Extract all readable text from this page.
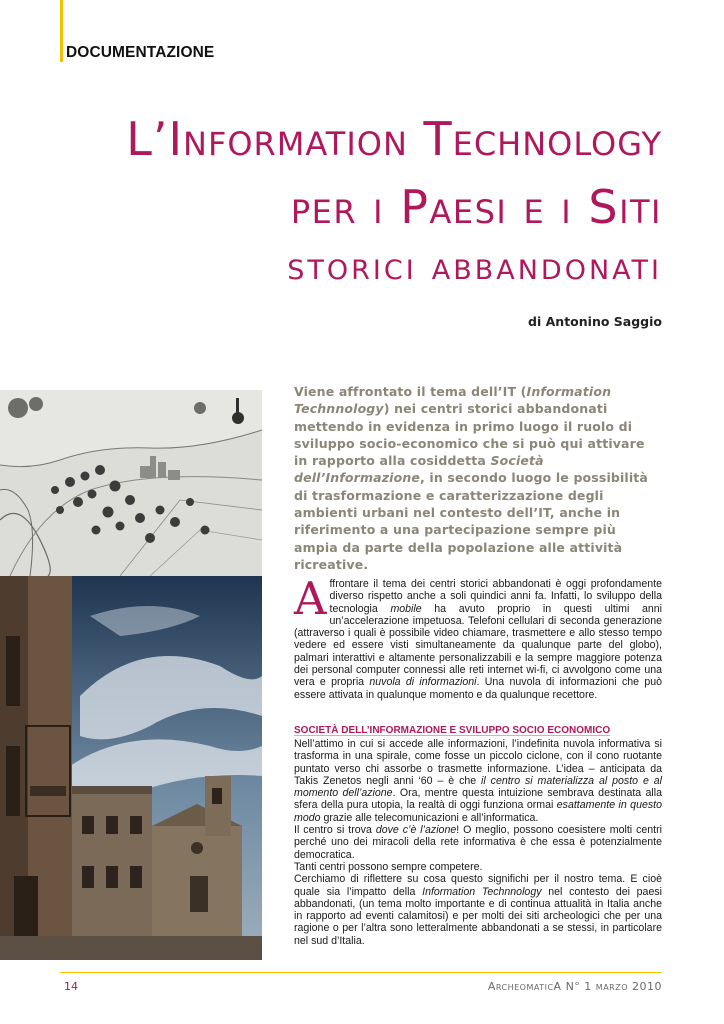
DOCUMENTAZIONE
L’Information Technology
per i Paesi e i Siti
storici abbandonati
di Antonino Saggio
Viene affrontato il tema dell’IT (Information Technnology) nei centri storici abbandonati mettendo in evidenza in primo luogo il ruolo di sviluppo socio-economico che si può qui attivare in rapporto alla cosiddetta Società dell’Informazione, in secondo luogo le possibilità di trasformazione e caratterizzazione degli ambienti urbani nel contesto dell’IT, anche in riferimento a una partecipazione sempre più ampia da parte della popolazione alle attività ricreative.

Affrontare il tema dei centri storici abbandonati è oggi profondamente diverso rispetto anche a soli quindici anni fa. Infatti, lo sviluppo della tecnologia mobile ha avuto proprio in questi ultimi anni un’accelerazione impetuosa. Telefoni cellulari di seconda generazione (attraverso i quali è possibile video chiamare, trasmettere e allo stesso tempo vedere ed essere visti simultaneamente da qualunque parte del globo), palmari interattivi e altamente personalizzabili e la sempre maggiore potenza dei personal computer connessi alle reti internet wi-fi, ci avvolgono come una vera e propria nuvola di informazioni. Una nuvola di informazioni che può essere attivata in qualunque momento e da qualunque recettore.

SOCIETÀ DELL’INFORMAZIONE E SVILUPPO SOCIO ECONOMICO

Nell’attimo in cui si accede alle informazioni, l’indefinita nuvola informativa si trasforma in una spirale, come fosse un piccolo ciclone, con il cono ruotante puntato verso chi assorbe o trasmette informazione. L’idea – anticipata da Takis Zenetos negli anni ‘60 – è che il centro si materializza al posto e al momento dell’azione. Ora, mentre questa intuizione sembrava destinata alla sfera della pura utopia, la realtà di oggi funziona ormai esattamente in questo modo grazie alle telecomunicazioni e all’informatica.

Il centro si trova dove c’è l’azione! O meglio, possono coesistere molti centri perché uno dei miracoli della rete informativa è che essa è potenzialmente democratica.

Tanti centri possono sempre competere.

Cerchiamo di riflettere su cosa questo significhi per il nostro tema. E cioè quale sia l’impatto della Information Technnology nel contesto dei paesi abbandonati, (un tema molto importante e di continua attualità in Italia anche in rapporto ad eventi calamitosi) e per molti dei siti archeologici che per una ragione o per l’altra sono letteralmente abbandonati a se stessi, in particolare nel sud d’Italia.

14	ArcheomaticA N° 1 marzo 2010
